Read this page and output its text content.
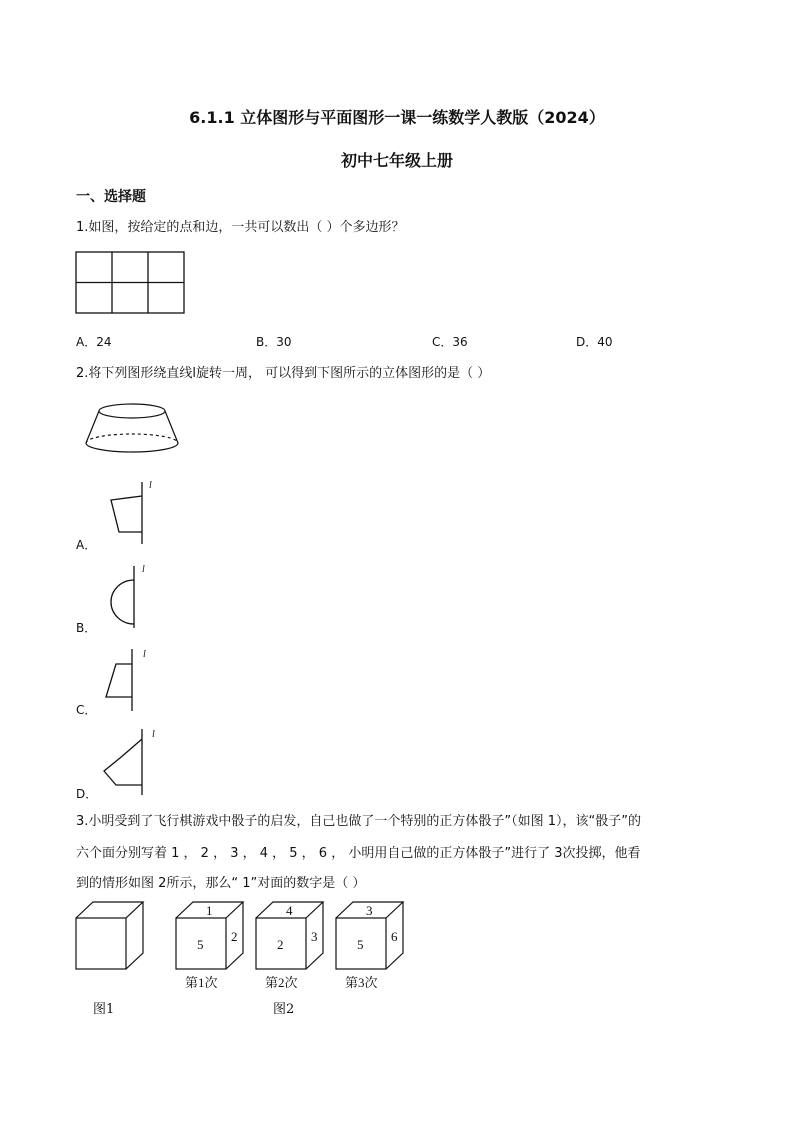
6.1.1 立体图形与平面图形一课一练数学人教版（2024）
初中七年级上册
一、选择题
1.如图，按给定的点和边，一共可以数出（ ）个多边形？
A．24	B．30	C．36	D．40
2.将下列图形绕直线l旋转一周， 可以得到下图所示的立体图形的是（ ）
A．
l
B．
l
C．
l
D．
l
3.小明受到了飞行棋游戏中骰子的启发，自己也做了一个特别的正方体骰子”（如图 1），该“骰子”的
六个面分别写着 1 ， 2 ， 3 ， 4 ， 5 ， 6 ， 小明用自己做的正方体骰子”进行了 3次投掷，他看
到的情形如图 2所示，那么“ 1”对面的数字是（ ）
图1
1
5
2
第1次
4
2
3
第2次
3
5
6
第3次
图2
